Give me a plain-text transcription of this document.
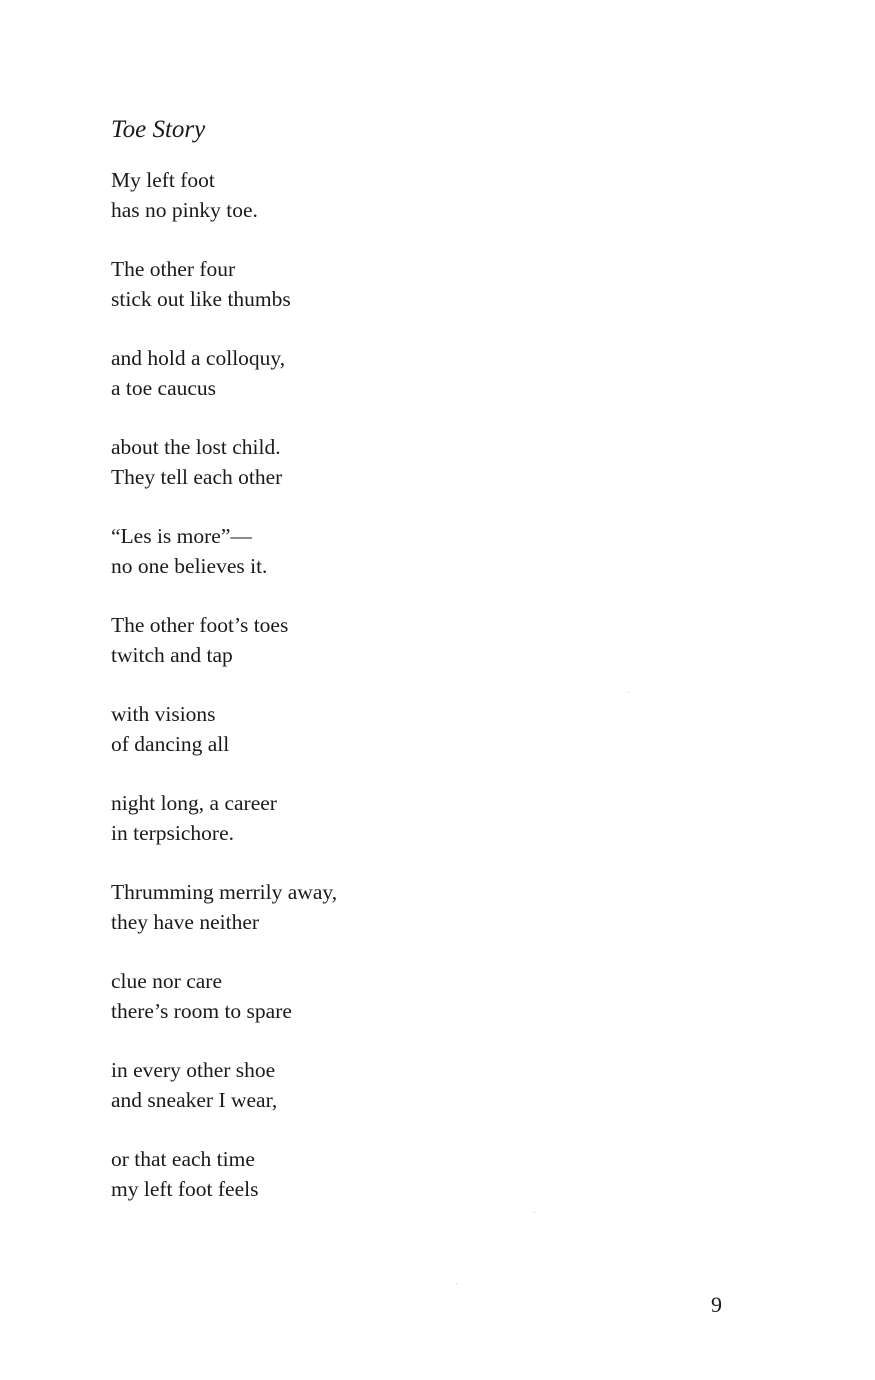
Toe Story
My left foot
has no pinky toe.
The other four
stick out like thumbs
and hold a colloquy,
a toe caucus
about the lost child.
They tell each other
“Les is more”—
no one believes it.
The other foot’s toes
twitch and tap
with visions
of dancing all
night long, a career
in terpsichore.
Thrumming merrily away,
they have neither
clue nor care
there’s room to spare
in every other shoe
and sneaker I wear,
or that each time
my left foot feels
9
